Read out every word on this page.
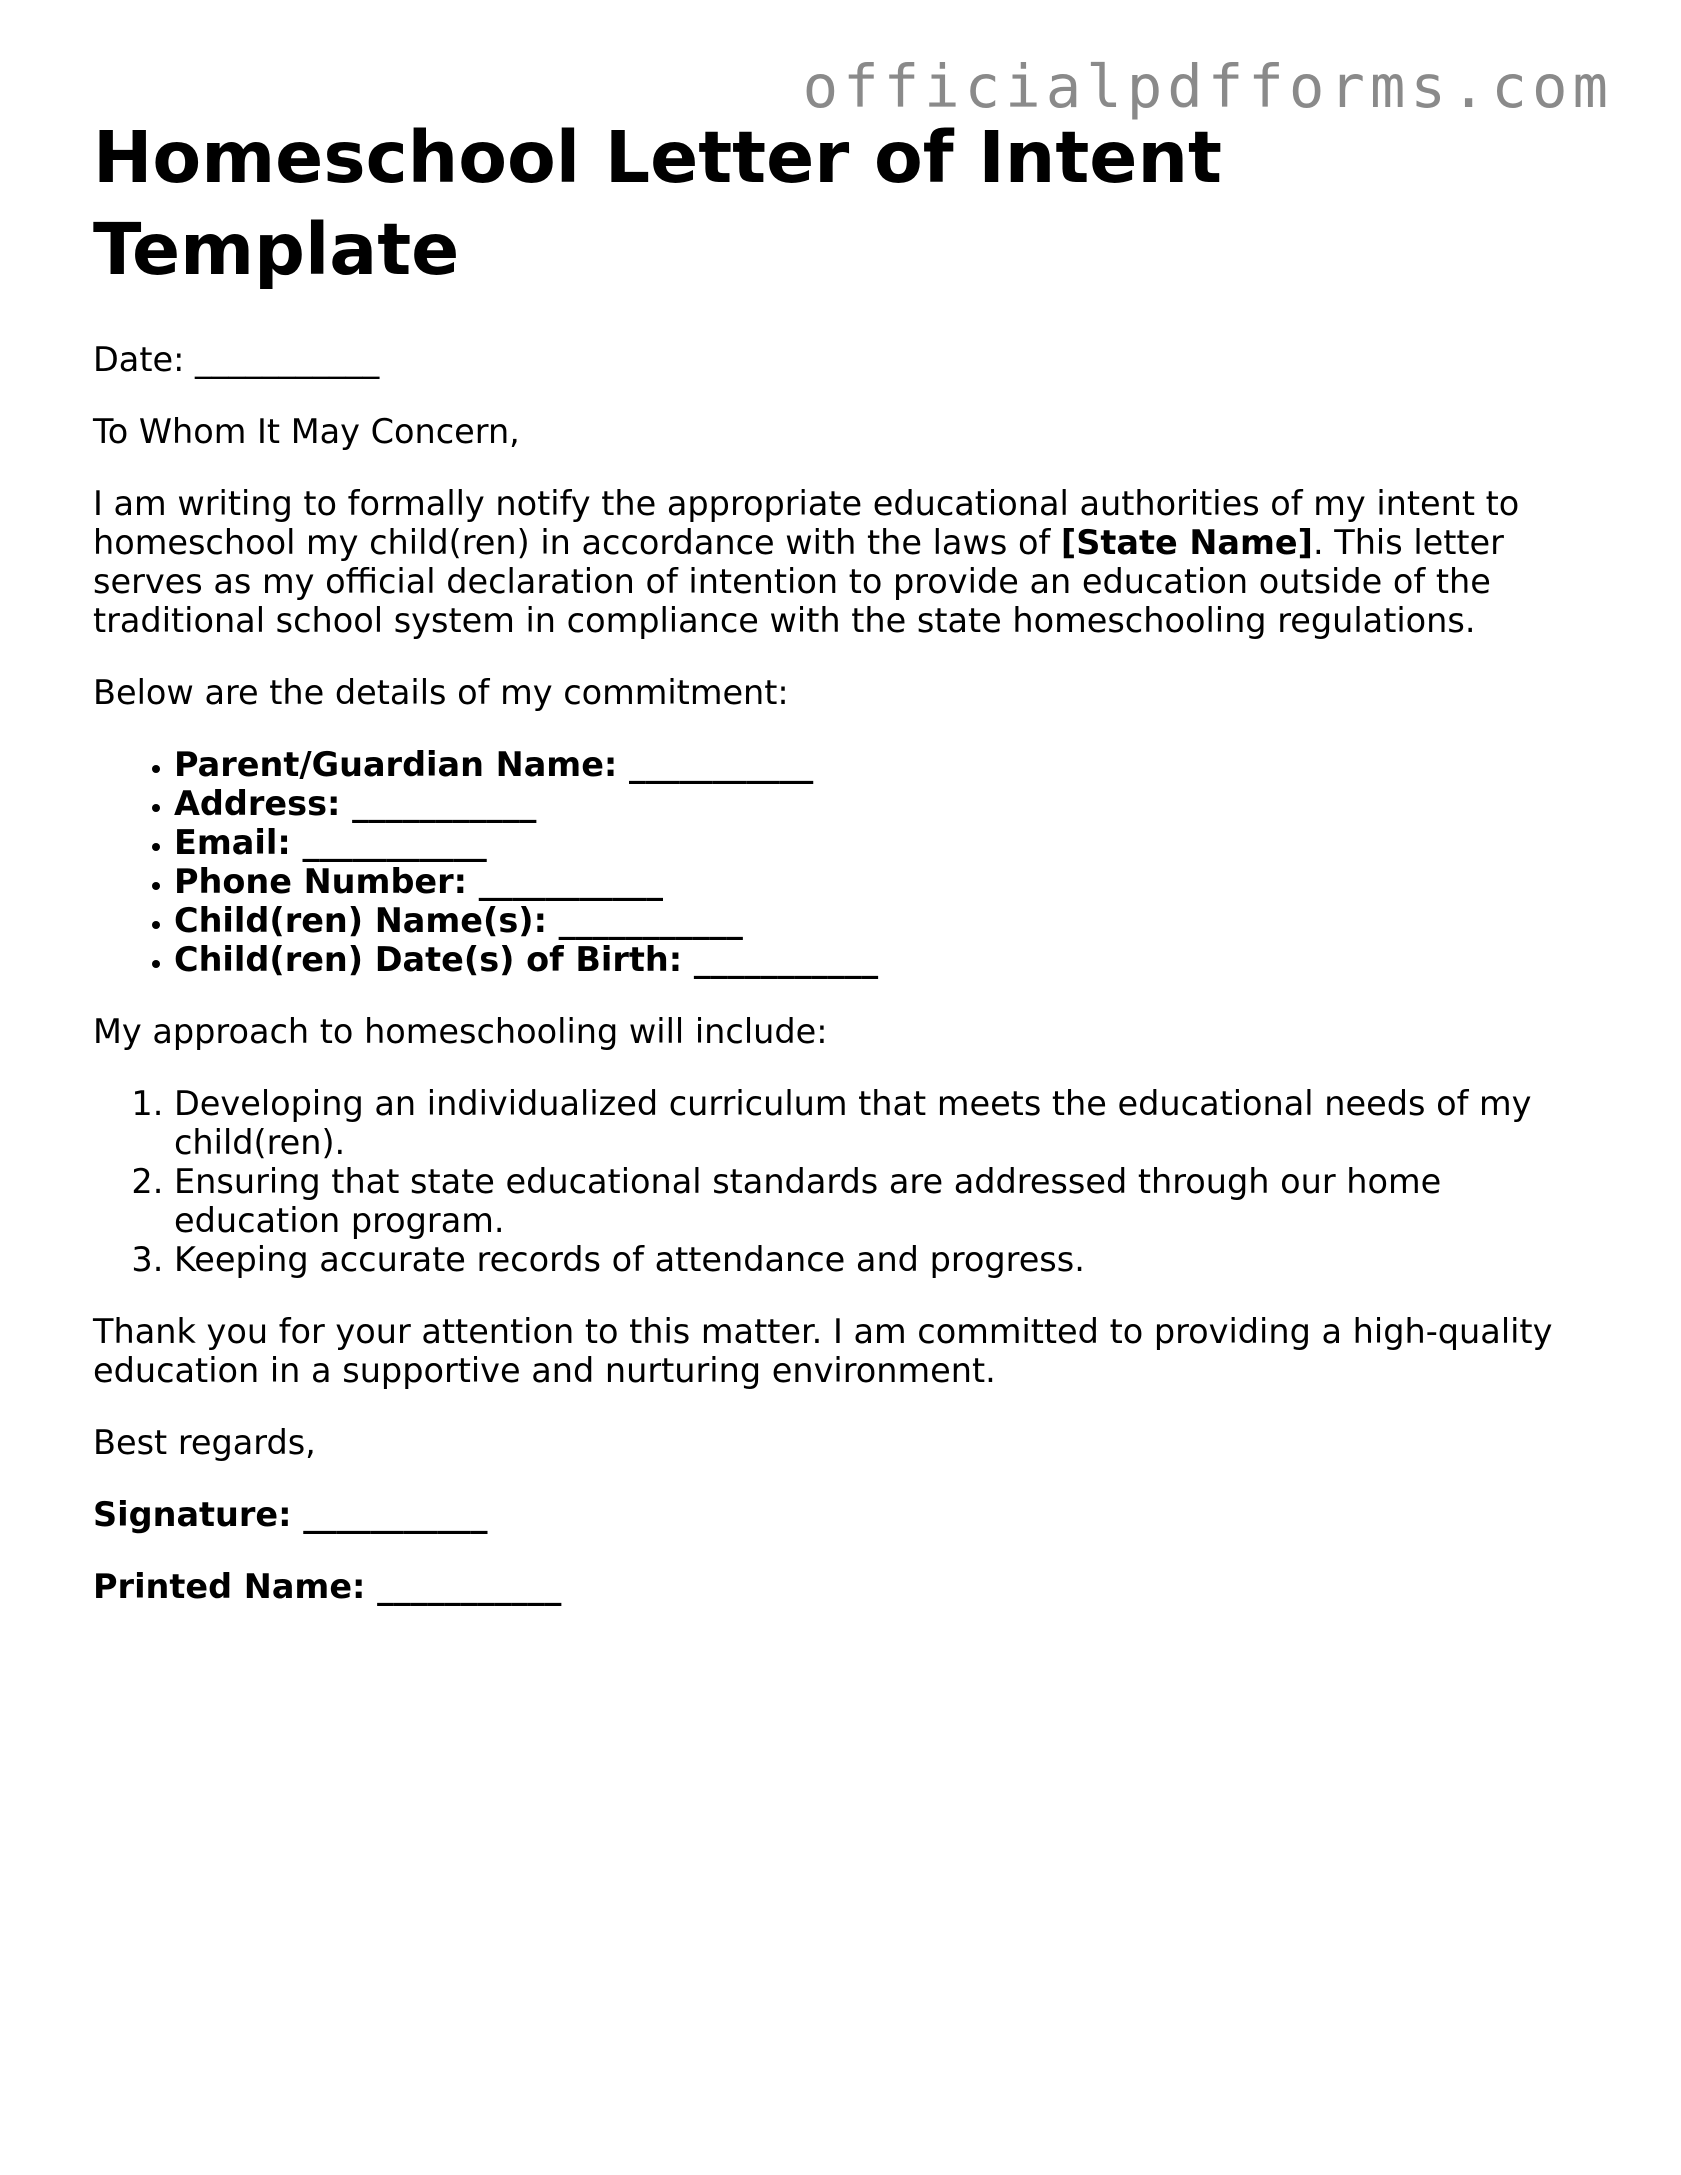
officialpdfforms.com
Homeschool Letter of Intent Template

Date: ___________

To Whom It May Concern,

I am writing to formally notify the appropriate educational authorities of my intent to homeschool my child(ren) in accordance with the laws of [State Name]. This letter serves as my official declaration of intention to provide an education outside of the traditional school system in compliance with the state homeschooling regulations.

Below are the details of my commitment:

• Parent/Guardian Name: ___________
• Address: ___________
• Email: ___________
• Phone Number: ___________
• Child(ren) Name(s): ___________
• Child(ren) Date(s) of Birth: ___________

My approach to homeschooling will include:

1. Developing an individualized curriculum that meets the educational needs of my child(ren).
2. Ensuring that state educational standards are addressed through our home education program.
3. Keeping accurate records of attendance and progress.

Thank you for your attention to this matter. I am committed to providing a high-quality education in a supportive and nurturing environment.

Best regards,

Signature: ___________

Printed Name: ___________
